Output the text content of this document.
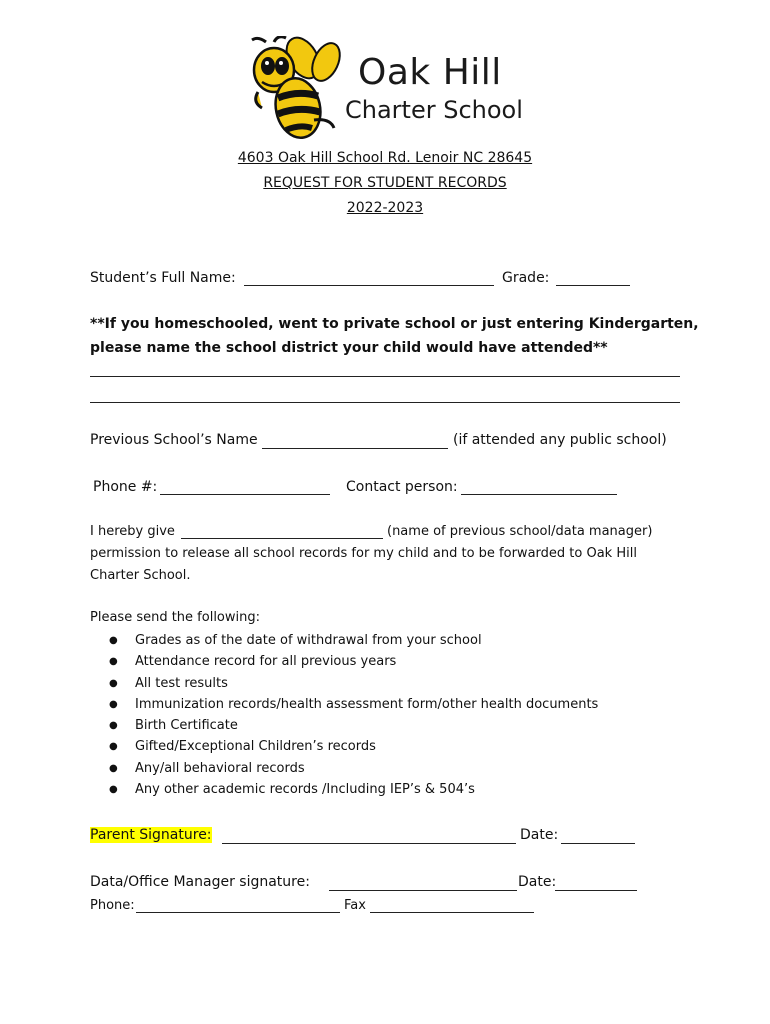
Oak Hill
Charter School
4603 Oak Hill School Rd. Lenoir NC 28645
REQUEST FOR STUDENT RECORDS
2022-2023
Student’s Full Name:	Grade:
**If you homeschooled, went to private school or just entering Kindergarten,
please name the school district your child would have attended**
Previous School’s Name	(if attended any public school)
Phone #:	Contact person:
I hereby give	(name of previous school/data manager)
permission to release all school records for my child and to be forwarded to Oak Hill
Charter School.
Please send the following:
● Grades as of the date of withdrawal from your school
● Attendance record for all previous years
● All test results
● Immunization records/health assessment form/other health documents
● Birth Certificate
● Gifted/Exceptional Children’s records
● Any/all behavioral records
● Any other academic records /Including IEP’s & 504’s
Parent Signature:	Date:
Data/Office Manager signature:	Date:
Phone:	Fax
